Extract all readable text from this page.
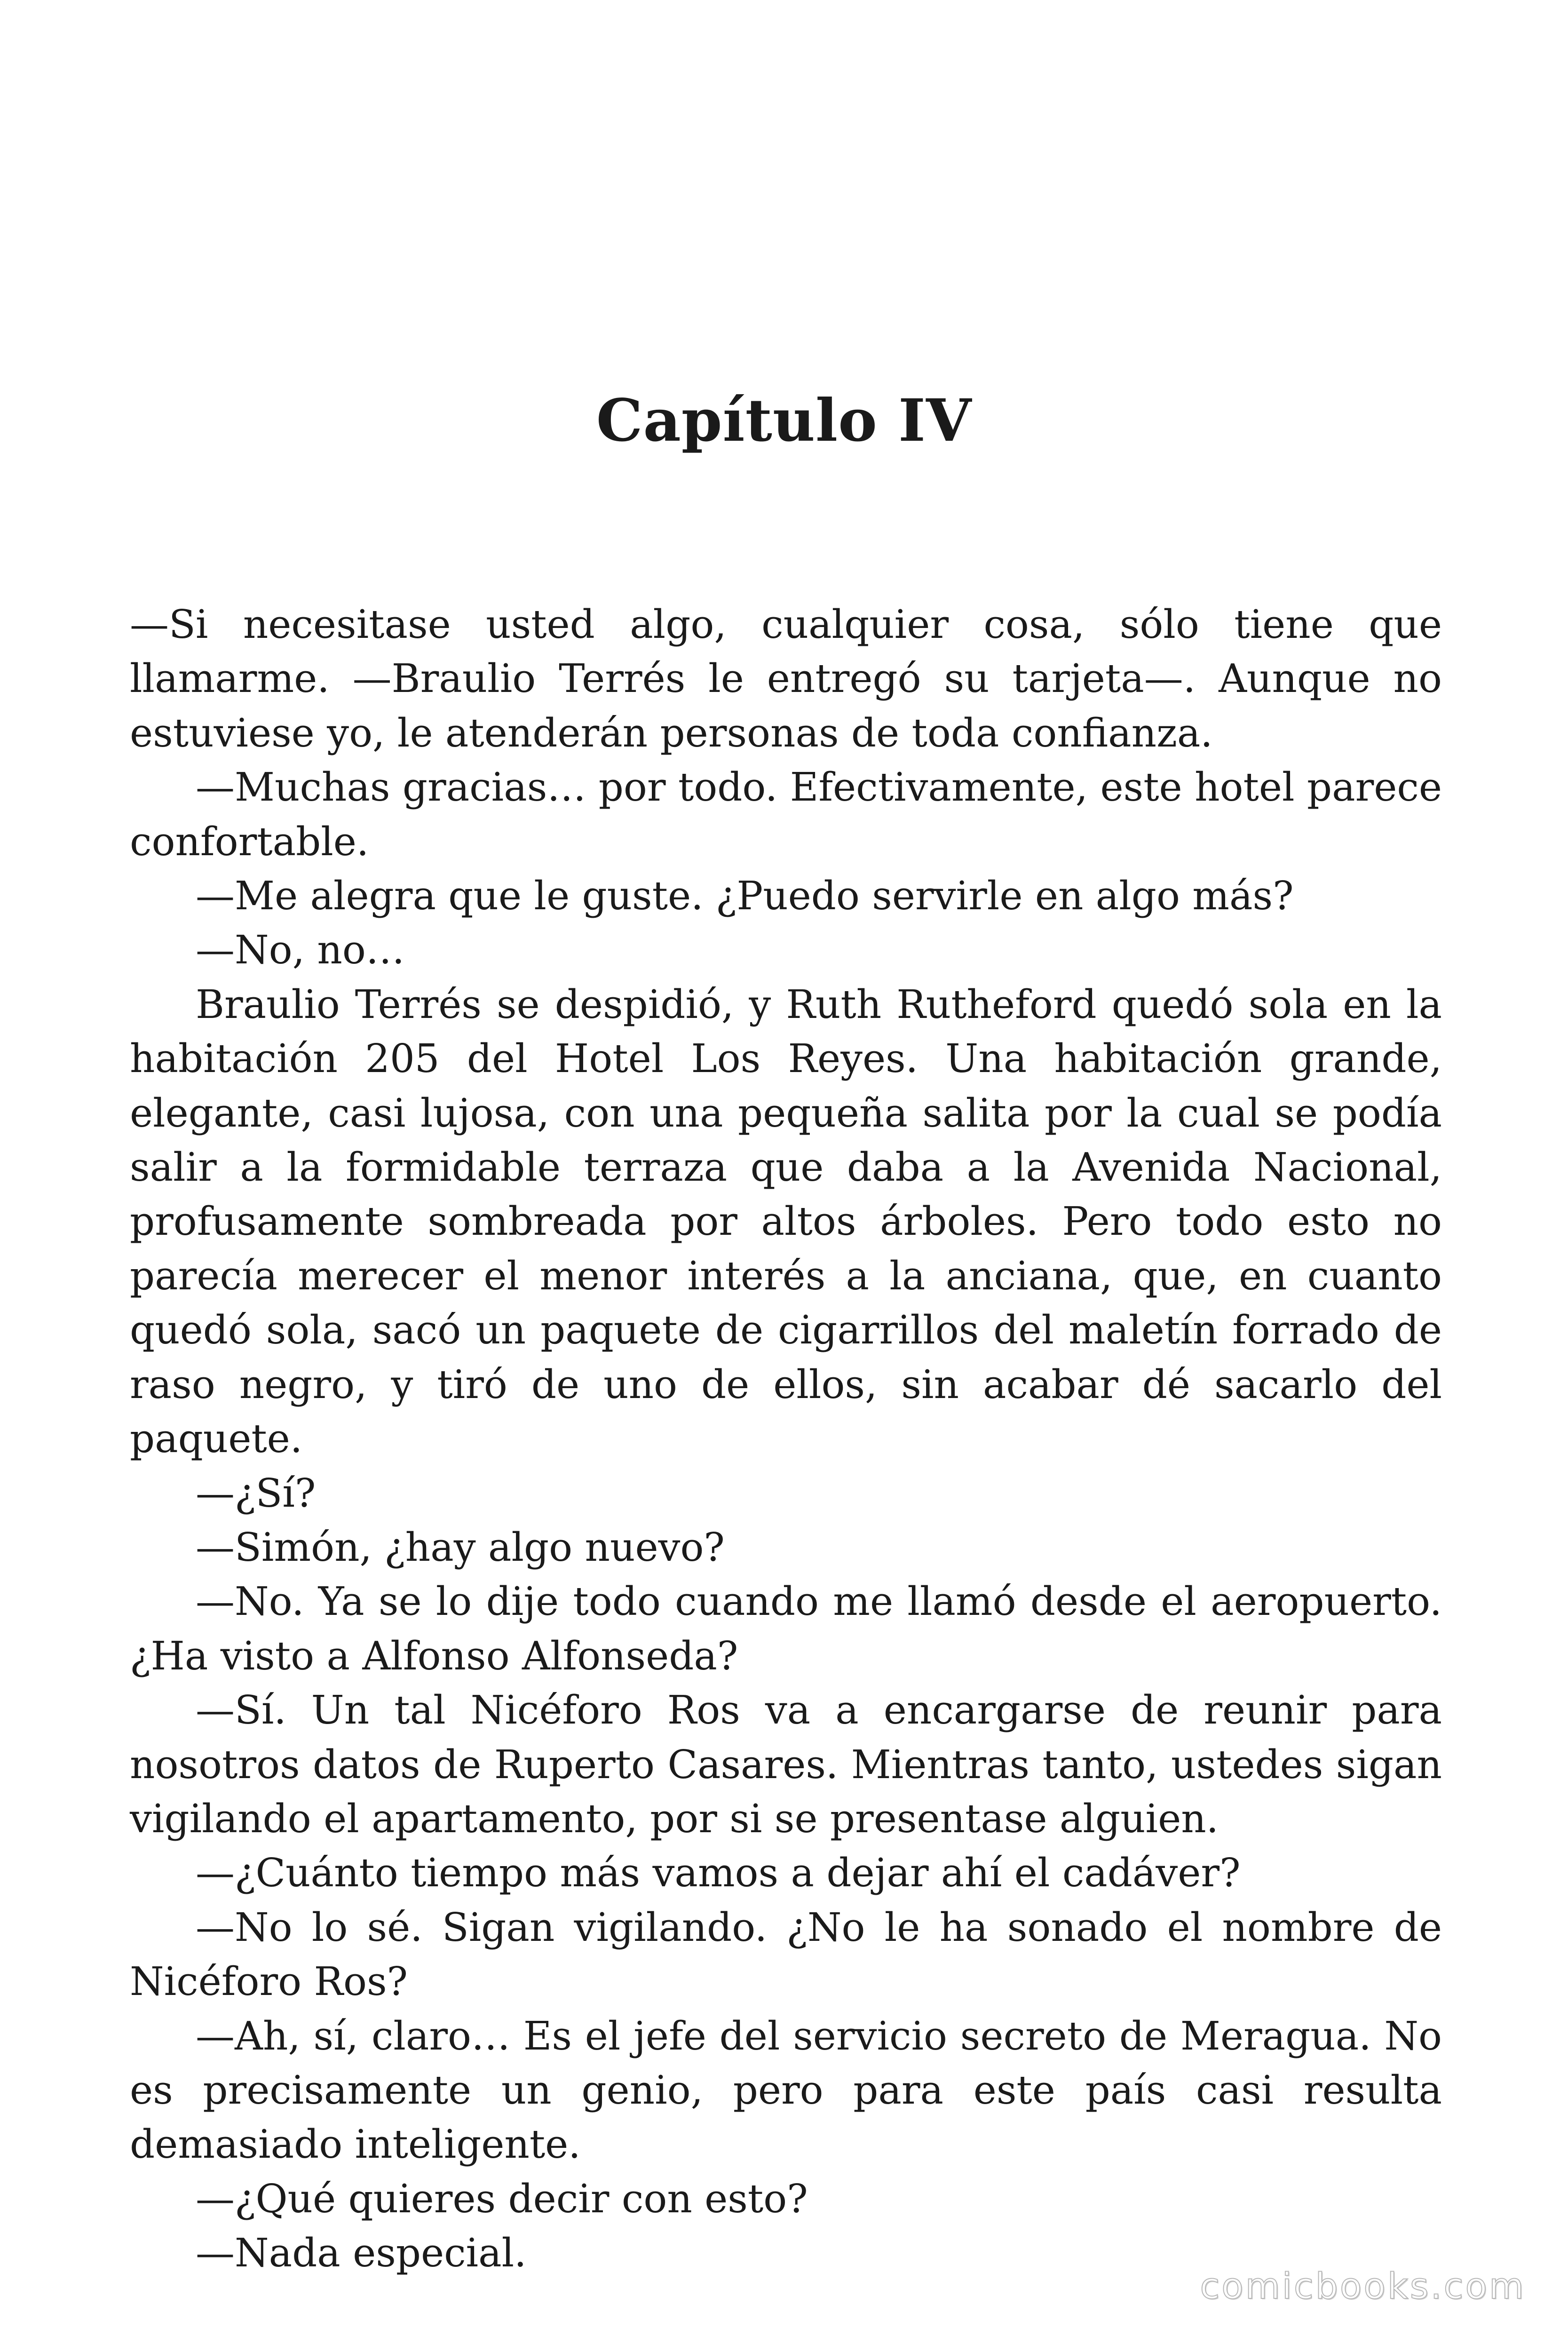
Capítulo IV

—Si necesitase usted algo, cualquier cosa, sólo tiene que llamarme. —Braulio Terrés le entregó su tarjeta—. Aunque no estuviese yo, le atenderán personas de toda confianza.

—Muchas gracias… por todo. Efectivamente, este hotel parece confortable.

—Me alegra que le guste. ¿Puedo servirle en algo más?

—No, no…

Braulio Terrés se despidió, y Ruth Rutheford quedó sola en la habitación 205 del Hotel Los Reyes. Una habitación grande, elegante, casi lujosa, con una pequeña salita por la cual se podía salir a la formidable terraza que daba a la Avenida Nacional, profusamente sombreada por altos árboles. Pero todo esto no parecía merecer el menor interés a la anciana, que, en cuanto quedó sola, sacó un paquete de cigarrillos del maletín forrado de raso negro, y tiró de uno de ellos, sin acabar dé sacarlo del paquete.

—¿Sí?

—Simón, ¿hay algo nuevo?

—No. Ya se lo dije todo cuando me llamó desde el aeropuerto. ¿Ha visto a Alfonso Alfonseda?

—Sí. Un tal Nicéforo Ros va a encargarse de reunir para nosotros datos de Ruperto Casares. Mientras tanto, ustedes sigan vigilando el apartamento, por si se presentase alguien.

—¿Cuánto tiempo más vamos a dejar ahí el cadáver?

—No lo sé. Sigan vigilando. ¿No le ha sonado el nombre de Nicéforo Ros?

—Ah, sí, claro… Es el jefe del servicio secreto de Meragua. No es precisamente un genio, pero para este país casi resulta demasiado inteligente.

—¿Qué quieres decir con esto?

—Nada especial.

comicbooks.com
